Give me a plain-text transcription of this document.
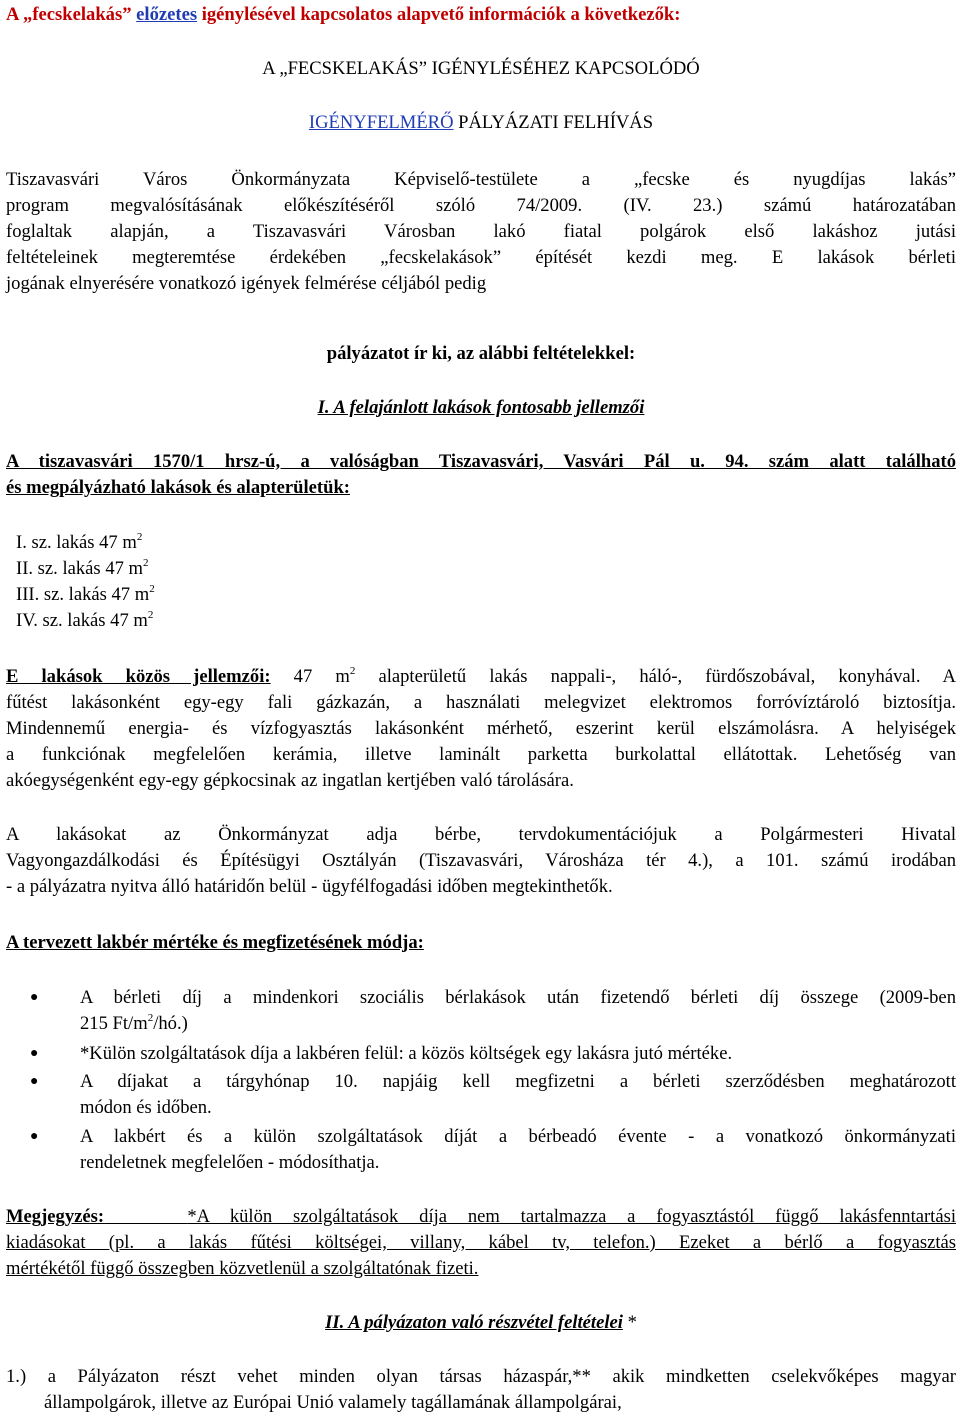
A „fecskelakás” előzetes igénylésével kapcsolatos alapvető információk a következők:
A „FECSKELAKÁS” IGÉNYLÉSÉHEZ KAPCSOLÓDÓ
IGÉNYFELMÉRŐ PÁLYÁZATI FELHÍVÁS
Tiszavasvári Város Önkormányzata Képviselő-testülete a „fecske és nyugdíjas lakás”
program megvalósításának előkészítéséről szóló 74/2009. (IV. 23.) számú határozatában
foglaltak alapján, a Tiszavasvári Városban lakó fiatal polgárok első lakáshoz jutási
feltételeinek megteremtése érdekében „fecskelakások” építését kezdi meg. E lakások bérleti
jogának elnyerésére vonatkozó igények felmérése céljából pedig
pályázatot ír ki, az alábbi feltételekkel:
I. A felajánlott lakások fontosabb jellemzői
A tiszavasvári 1570/1 hrsz-ú, a valóságban Tiszavasvári, Vasvári Pál u. 94. szám alatt található
és megpályázható lakások és alapterületük:
I. sz. lakás 47 $m^2$
II. sz. lakás 47 $m^2$
III. sz. lakás 47 $m^2$
IV. sz. lakás 47 $m^2$
E lakások közös jellemzői: 47 $m^2$ alapterületű lakás nappali-, háló-, fürdőszobával, konyhával. A
fűtést lakásonként egy-egy fali gázkazán, a használati melegvizet elektromos forróvíztároló biztosítja.
Mindennemű energia- és vízfogyasztás lakásonként mérhető, eszerint kerül elszámolásra. A helyiségek
a funkciónak megfelelően kerámia, illetve laminált parketta burkolattal ellátottak. Lehetőség van
akóegységenként egy-egy gépkocsinak az ingatlan kertjében való tárolására.
A lakásokat az Önkormányzat adja bérbe, tervdokumentációjuk a Polgármesteri Hivatal
Vagyongazdálkodási és Építésügyi Osztályán (Tiszavasvári, Városháza tér 4.), a 101. számú irodában
- a pályázatra nyitva álló határidőn belül - ügyfélfogadási időben megtekinthetők.
A tervezett lakbér mértéke és megfizetésének módja:
● A bérleti díj a mindenkori szociális bérlakások után fizetendő bérleti díj összege (2009-ben
215 $Ft/m^2/hó$.)
● *Külön szolgáltatások díja a lakbéren felül: a közös költségek egy lakásra jutó mértéke.
● A díjakat a tárgyhónap 10. napjáig kell megfizetni a bérleti szerződésben meghatározott
módon és időben.
● A lakbért és a külön szolgáltatások díját a bérbeadó évente - a vonatkozó önkormányzati
rendeletnek megfelelően - módosíthatja.
Megjegyzés:	*A külön szolgáltatások díja nem tartalmazza a fogyasztástól függő lakásfenntartási
kiadásokat (pl. a lakás fűtési költségei, villany, kábel tv, telefon.) Ezeket a bérlő a fogyasztás
mértékétől függő összegben közvetlenül a szolgáltatónak fizeti.
II. A pályázaton való részvétel feltételei *
1.) a Pályázaton részt vehet minden olyan társas házaspár,** akik mindketten cselekvőképes magyar
állampolgárok, illetve az Európai Unió valamely tagállamának állampolgárai,
